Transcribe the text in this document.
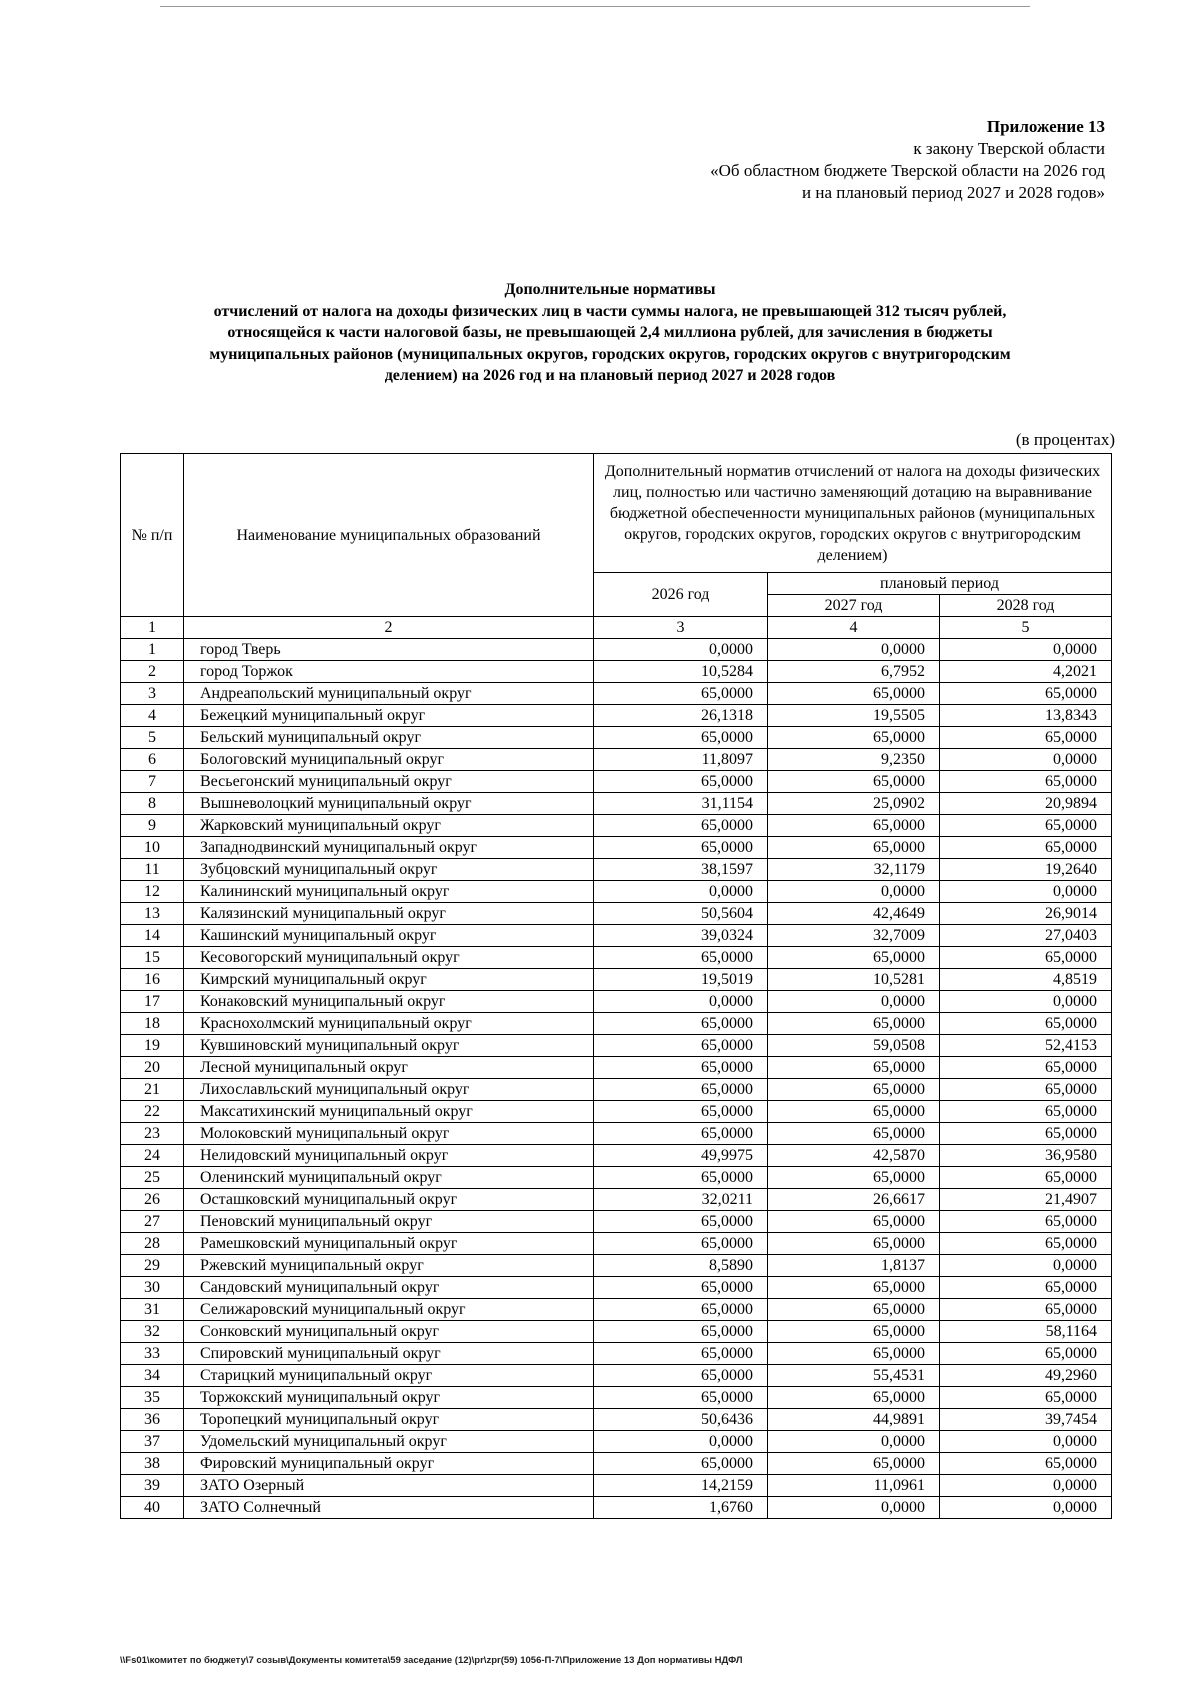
Приложение 13
к закону Тверской области
«Об областном бюджете Тверской области на 2026 год
и на плановый период 2027 и 2028 годов»
Дополнительные нормативы
отчислений от налога на доходы физических лиц в части суммы налога, не превышающей 312 тысяч рублей,
относящейся к части налоговой базы, не превышающей 2,4 миллиона рублей, для зачисления в бюджеты
муниципальных районов (муниципальных округов, городских округов, городских округов с внутригородским
делением) на 2026 год и на плановый период 2027 и 2028 годов
(в процентах)
№ п/п	Наименование муниципальных образований	Дополнительный норматив отчислений от налога на доходы физических лиц, полностью или частично заменяющий дотацию на выравнивание бюджетной обеспеченности муниципальных районов (муниципальных округов, городских округов, городских округов с внутригородским делением)		
		2026 год	плановый период	
			2027 год	2028 год
1	2	3	4	5
1	город Тверь	0,0000	0,0000	0,0000
2	город Торжок	10,5284	6,7952	4,2021
3	Андреапольский муниципальный округ	65,0000	65,0000	65,0000
4	Бежецкий муниципальный округ	26,1318	19,5505	13,8343
5	Бельский муниципальный округ	65,0000	65,0000	65,0000
6	Бологовский муниципальный округ	11,8097	9,2350	0,0000
7	Весьегонский муниципальный округ	65,0000	65,0000	65,0000
8	Вышневолоцкий муниципальный округ	31,1154	25,0902	20,9894
9	Жарковский муниципальный округ	65,0000	65,0000	65,0000
10	Западнодвинский муниципальный округ	65,0000	65,0000	65,0000
11	Зубцовский муниципальный округ	38,1597	32,1179	19,2640
12	Калининский муниципальный округ	0,0000	0,0000	0,0000
13	Калязинский муниципальный округ	50,5604	42,4649	26,9014
14	Кашинский муниципальный округ	39,0324	32,7009	27,0403
15	Кесовогорский муниципальный округ	65,0000	65,0000	65,0000
16	Кимрский муниципальный округ	19,5019	10,5281	4,8519
17	Конаковский муниципальный округ	0,0000	0,0000	0,0000
18	Краснохолмский муниципальный округ	65,0000	65,0000	65,0000
19	Кувшиновский муниципальный округ	65,0000	59,0508	52,4153
20	Лесной муниципальный округ	65,0000	65,0000	65,0000
21	Лихославльский муниципальный округ	65,0000	65,0000	65,0000
22	Максатихинский муниципальный округ	65,0000	65,0000	65,0000
23	Молоковский муниципальный округ	65,0000	65,0000	65,0000
24	Нелидовский муниципальный округ	49,9975	42,5870	36,9580
25	Оленинский муниципальный округ	65,0000	65,0000	65,0000
26	Осташковский муниципальный округ	32,0211	26,6617	21,4907
27	Пеновский муниципальный округ	65,0000	65,0000	65,0000
28	Рамешковский муниципальный округ	65,0000	65,0000	65,0000
29	Ржевский муниципальный округ	8,5890	1,8137	0,0000
30	Сандовский муниципальный округ	65,0000	65,0000	65,0000
31	Селижаровский муниципальный округ	65,0000	65,0000	65,0000
32	Сонковский муниципальный округ	65,0000	65,0000	58,1164
33	Спировский муниципальный округ	65,0000	65,0000	65,0000
34	Старицкий муниципальный округ	65,0000	55,4531	49,2960
35	Торжокский муниципальный округ	65,0000	65,0000	65,0000
36	Торопецкий муниципальный округ	50,6436	44,9891	39,7454
37	Удомельский муниципальный округ	0,0000	0,0000	0,0000
38	Фировский муниципальный округ	65,0000	65,0000	65,0000
39	ЗАТО Озерный	14,2159	11,0961	0,0000
40	ЗАТО Солнечный	1,6760	0,0000	0,0000
\\Fs01\комитет по бюджету\7 созыв\Документы комитета\59 заседание (12)\pr\zpr(59) 1056-П-7\Приложение 13 Доп нормативы НДФЛ
